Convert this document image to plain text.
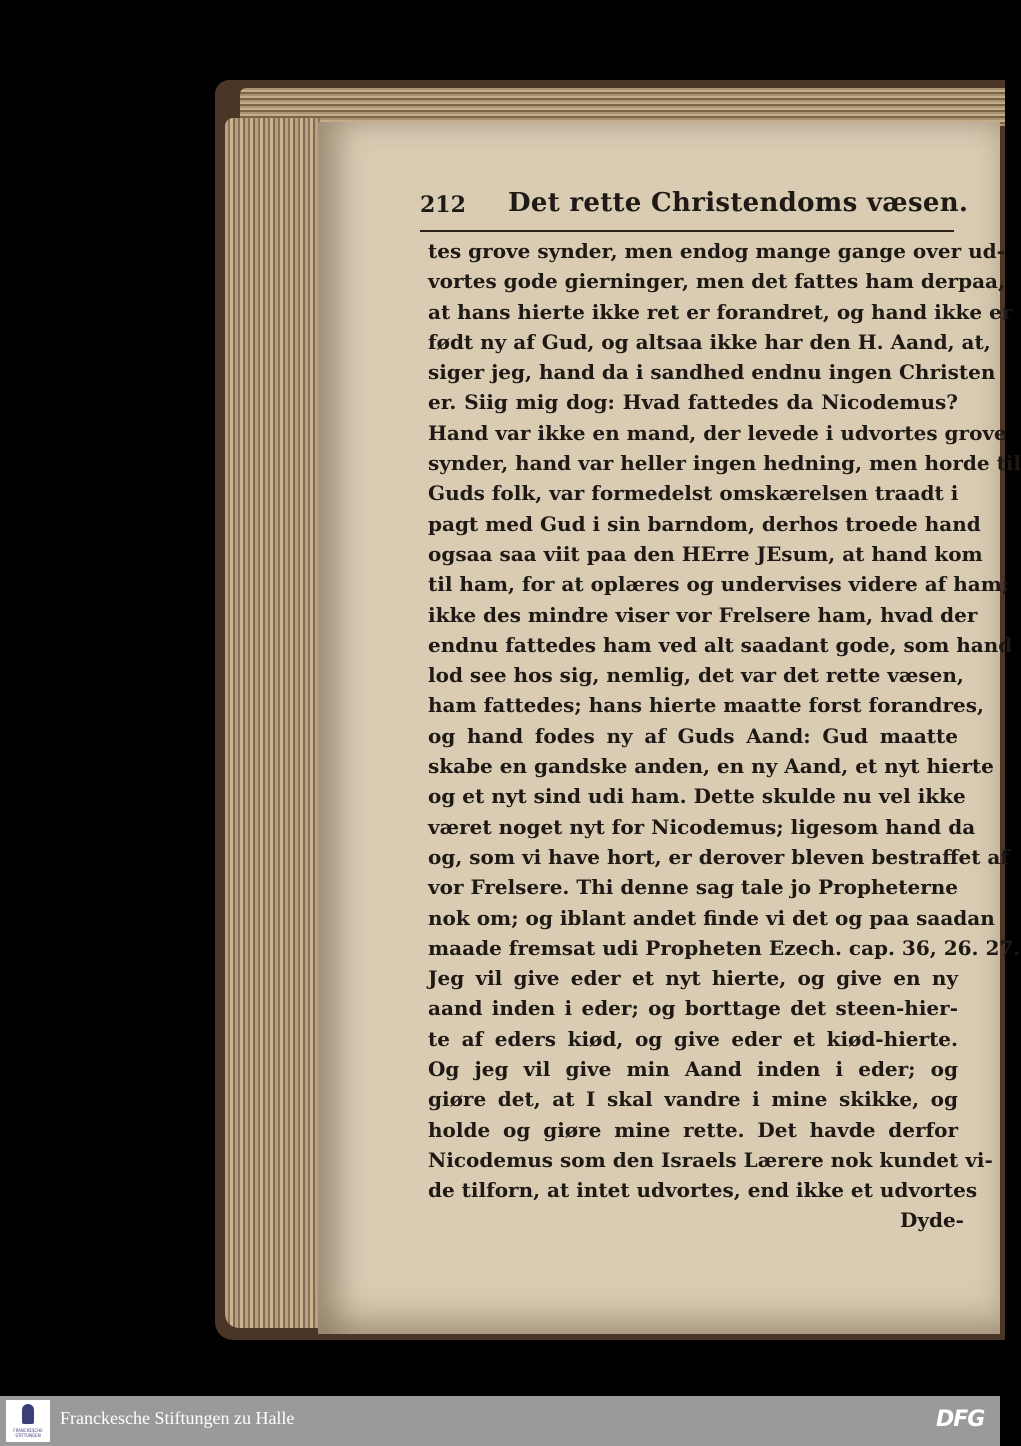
212 Det rette Christendoms væsen.
tes grove synder, men endog mange gange over ud-
vortes gode gierninger, men det fattes ham derpaa,
at hans hierte ikke ret er forandret, og hand ikke er
født ny af Gud, og altsaa ikke har den H. Aand, at,
siger jeg, hand da i sandhed endnu ingen Christen
er. Siig mig dog: Hvad fattedes da Nicodemus?
Hand var ikke en mand, der levede i udvortes grove
synder, hand var heller ingen hedning, men horde til
Guds folk, var formedelst omskærelsen traadt i
pagt med Gud i sin barndom, derhos troede hand
ogsaa saa viit paa den HErre JEsum, at hand kom
til ham, for at oplæres og undervises videre af ham;
ikke des mindre viser vor Frelsere ham, hvad der
endnu fattedes ham ved alt saadant gode, som hand
lod see hos sig, nemlig, det var det rette væsen,
ham fattedes; hans hierte maatte forst forandres,
og hand fodes ny af Guds Aand: Gud maatte
skabe en gandske anden, en ny Aand, et nyt hierte
og et nyt sind udi ham. Dette skulde nu vel ikke
været noget nyt for Nicodemus; ligesom hand da
og, som vi have hort, er derover bleven bestraffet af
vor Frelsere. Thi denne sag tale jo Propheterne
nok om; og iblant andet finde vi det og paa saadan
maade fremsat udi Propheten Ezech. cap. 36, 26. 27.
Jeg vil give eder et nyt hierte, og give en ny
aand inden i eder; og borttage det steen-hier-
te af eders kiød, og give eder et kiød-hierte.
Og jeg vil give min Aand inden i eder; og
giøre det, at I skal vandre i mine skikke, og
holde og giøre mine rette. Det havde derfor
Nicodemus som den Israels Lærere nok kundet vi-
de tilforn, at intet udvortes, end ikke et udvortes
Dyde-
FRANCKESCHE STIFTUNGEN
Franckesche Stiftungen zu Halle	DFG
